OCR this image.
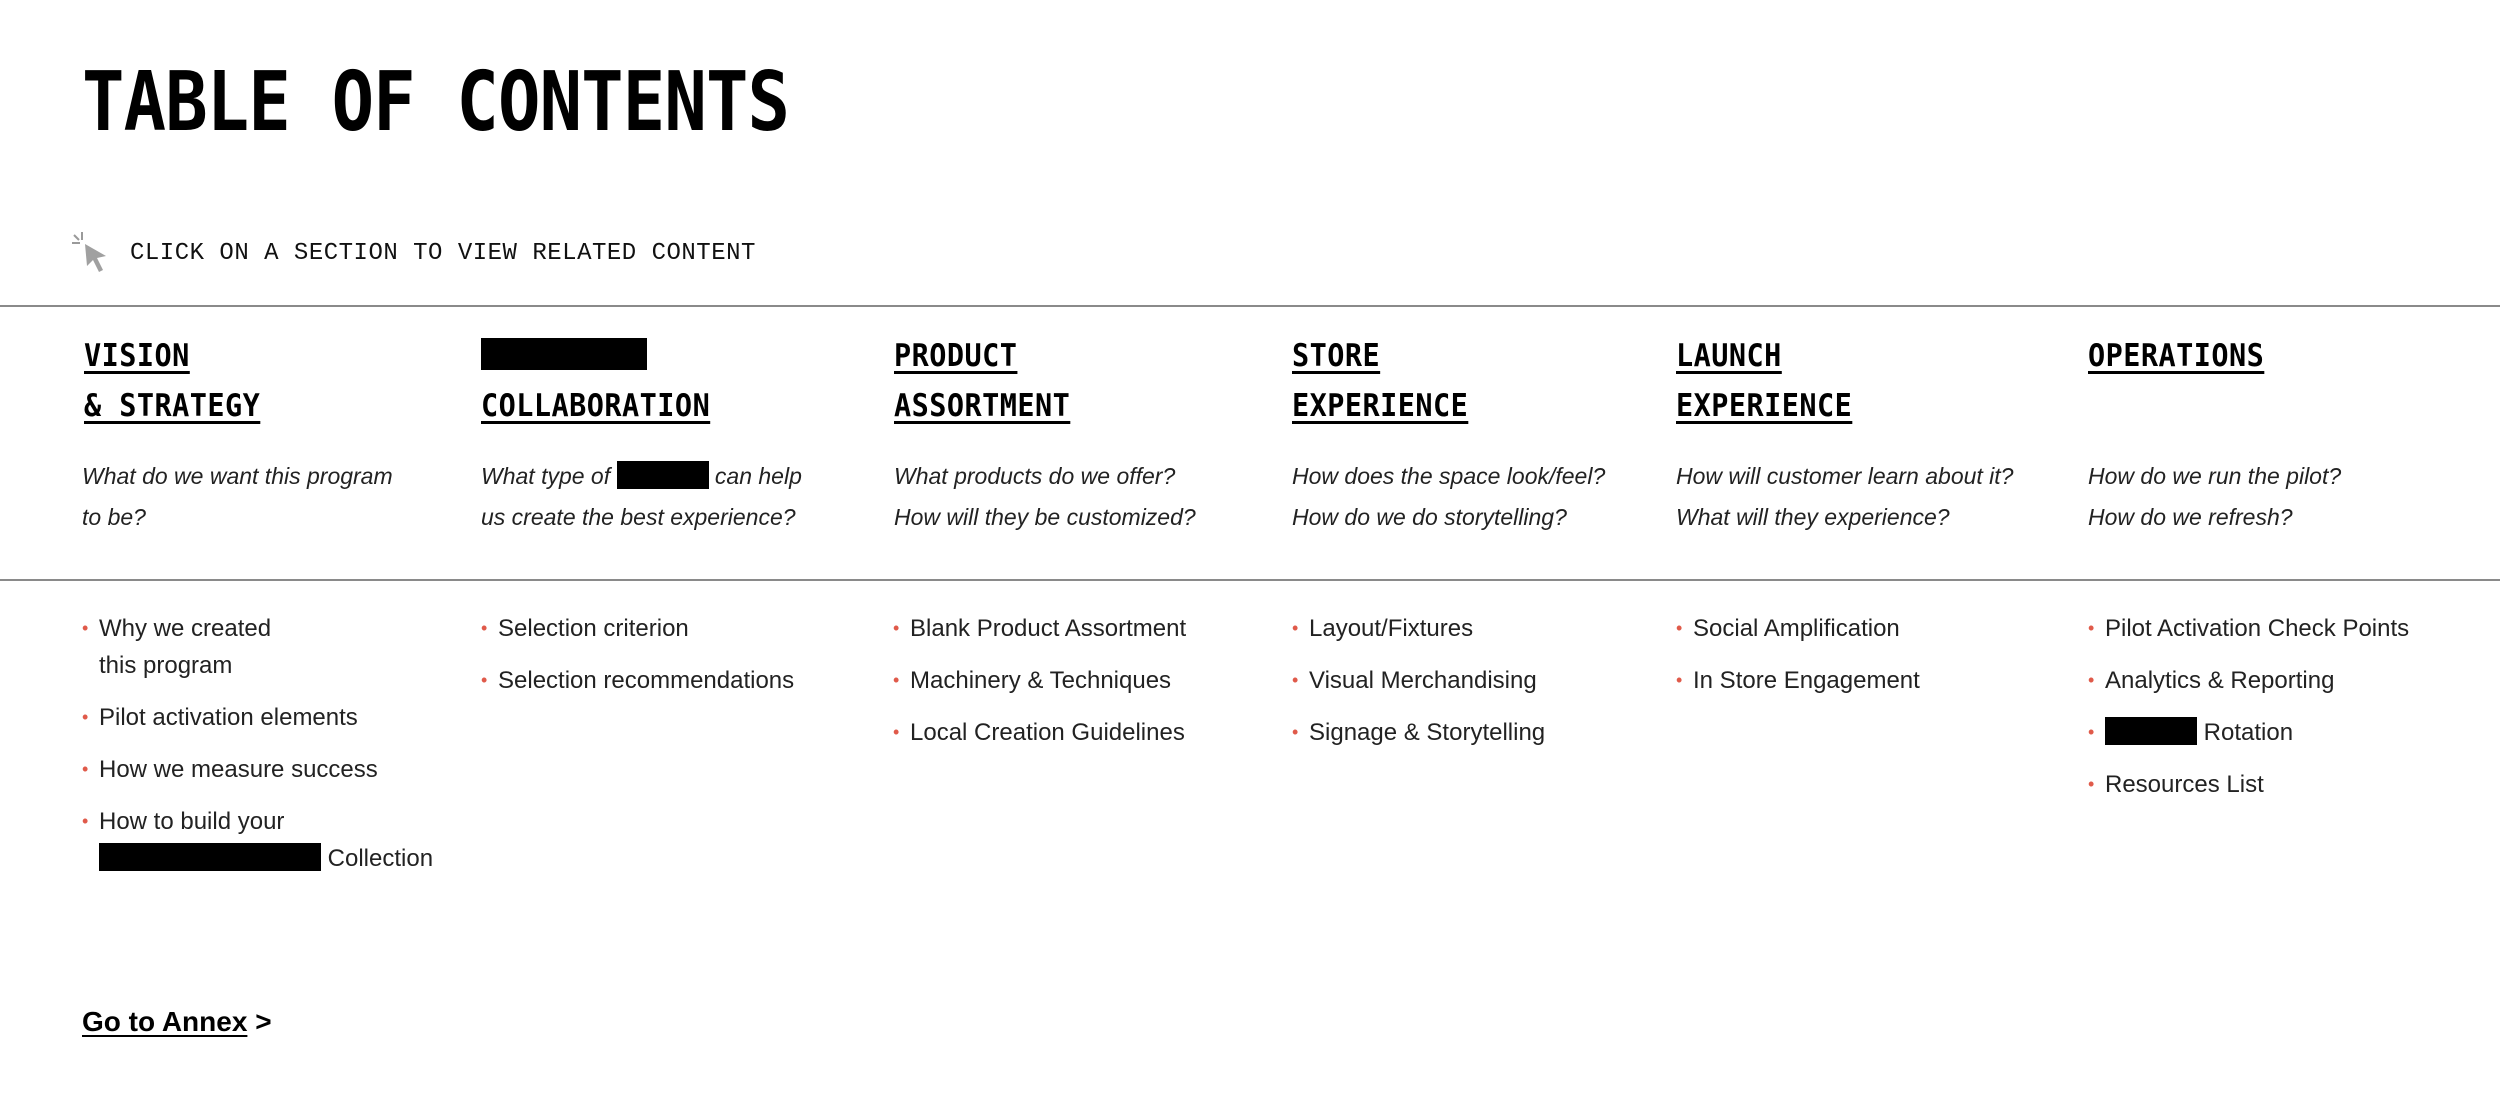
TABLE OF CONTENTS
CLICK ON A SECTION TO VIEW RELATED CONTENT
VISION
& STRATEGY
What do we want this program
to be?
• Why we created
this program
• Pilot activation elements
• How we measure success
• How to build your
Collection
COLLABORATION
What type of	can help
us create the best experience?
• Selection criterion
• Selection recommendations
PRODUCT
ASSORTMENT
What products do we offer?
How will they be customized?
• Blank Product Assortment
• Machinery & Techniques
• Local Creation Guidelines
STORE
EXPERIENCE
How does the space look/feel?
How do we do storytelling?
• Layout/Fixtures
• Visual Merchandising
• Signage & Storytelling
LAUNCH
EXPERIENCE
How will customer learn about it?
What will they experience?
• Social Amplification
• In Store Engagement
OPERATIONS
How do we run the pilot?
How do we refresh?
• Pilot Activation Check Points
• Analytics & Reporting
• Rotation
• Resources List
Go to Annex >
